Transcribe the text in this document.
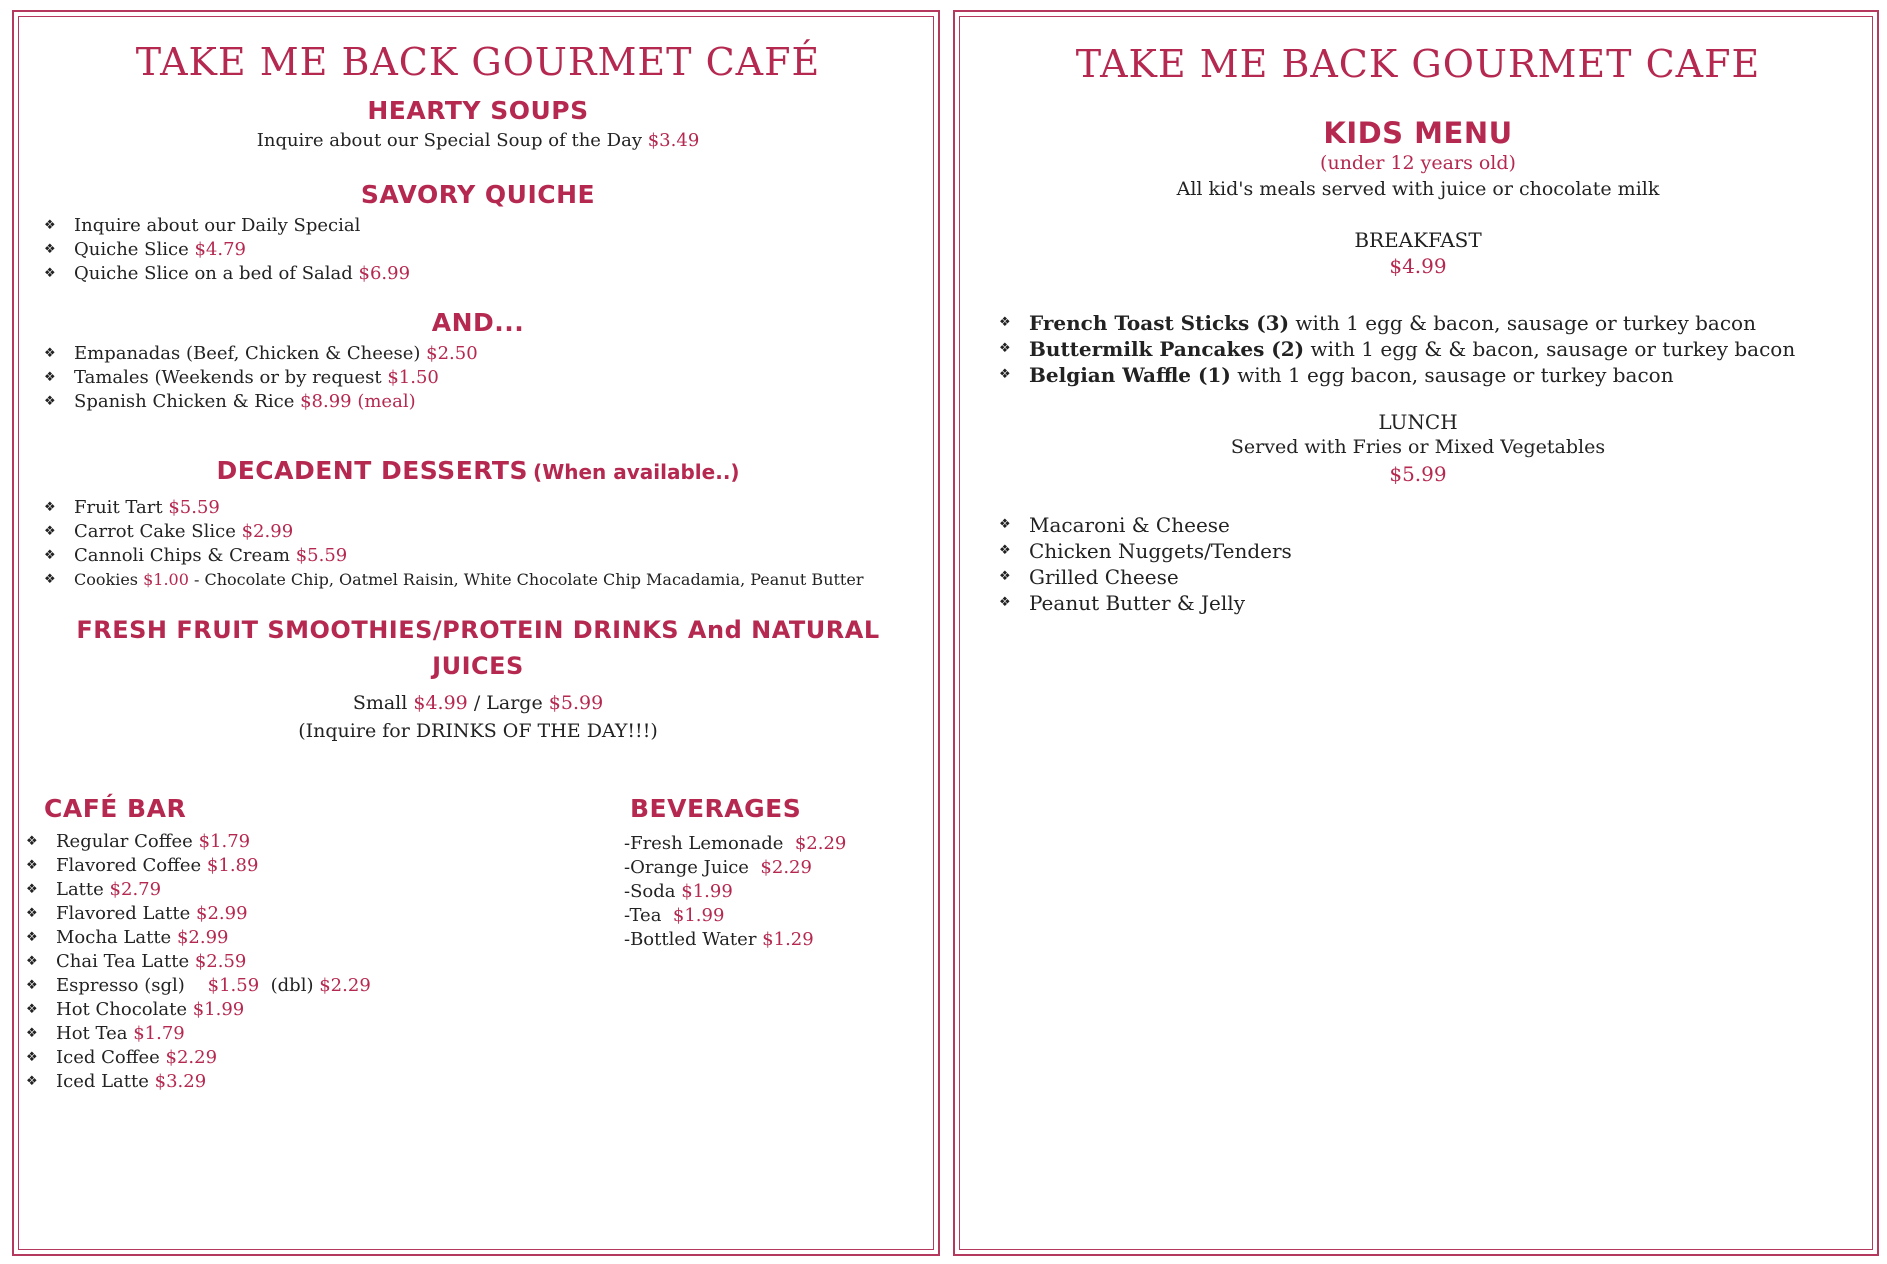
TAKE ME BACK GOURMET CAFÉ
HEARTY SOUPS
Inquire about our Special Soup of the Day $3.49
SAVORY QUICHE
❖ Inquire about our Daily Special
❖ Quiche Slice $4.79
❖ Quiche Slice on a bed of Salad $6.99
AND...
❖ Empanadas (Beef, Chicken & Cheese) $2.50
❖ Tamales (Weekends or by request $1.50
❖ Spanish Chicken & Rice $8.99 (meal)
DECADENT DESSERTS (When available..)
❖ Fruit Tart $5.59
❖ Carrot Cake Slice $2.99
❖ Cannoli Chips & Cream $5.59
❖ Cookies $1.00 - Chocolate Chip, Oatmel Raisin, White Chocolate Chip Macadamia, Peanut Butter
FRESH FRUIT SMOOTHIES/PROTEIN DRINKS And NATURAL
JUICES
Small $4.99 / Large $5.99
(Inquire for DRINKS OF THE DAY!!!)
CAFÉ BAR
❖ Regular Coffee $1.79
❖ Flavored Coffee $1.89
❖ Latte $2.79
❖ Flavored Latte $2.99
❖ Mocha Latte $2.99
❖ Chai Tea Latte $2.59
❖ Espresso (sgl) $1.59 (dbl) $2.29
❖ Hot Chocolate $1.99
❖ Hot Tea $1.79
❖ Iced Coffee $2.29
❖ Iced Latte $3.29
BEVERAGES
-Fresh Lemonade $2.29
-Orange Juice $2.29
-Soda $1.99
-Tea $1.99
-Bottled Water $1.29
TAKE ME BACK GOURMET CAFE
KIDS MENU
(under 12 years old)
All kid's meals served with juice or chocolate milk
BREAKFAST
$4.99
❖ French Toast Sticks (3) with 1 egg & bacon, sausage or turkey bacon
❖ Buttermilk Pancakes (2) with 1 egg & & bacon, sausage or turkey bacon
❖ Belgian Waffle (1) with 1 egg bacon, sausage or turkey bacon
LUNCH
Served with Fries or Mixed Vegetables
$5.99
❖ Macaroni & Cheese
❖ Chicken Nuggets/Tenders
❖ Grilled Cheese
❖ Peanut Butter & Jelly
